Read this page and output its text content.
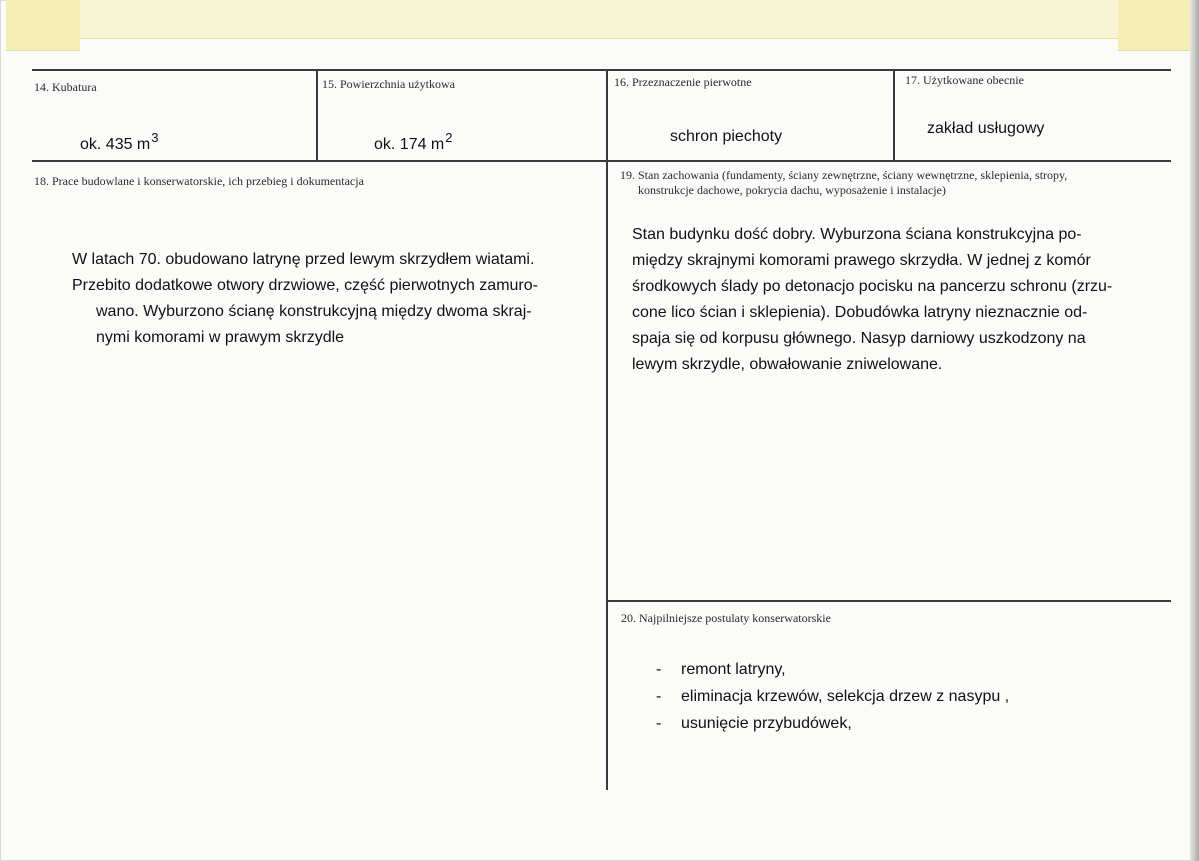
14. Kubatura
ok. 435 $m^3$
15. Powierzchnia użytkowa
ok. 174 $m^2$
16. Przeznaczenie pierwotne
schron piechoty
17. Użytkowane obecnie
zakład usługowy
18. Prace budowlane i konserwatorskie, ich przebieg i dokumentacja

W latach 70. obudowano latrynę przed lewym skrzydłem wiatami.

Przebito dodatkowe otwory drzwiowe, część pierwotnych zamuro-

wano. Wyburzono ścianę konstrukcyjną między dwoma skraj-

nymi komorami w prawym skrzydle

19. Stan zachowania (fundamenty, ściany zewnętrzne, ściany wewnętrzne, sklepienia, stropy,
konstrukcje dachowe, pokrycia dachu, wyposażenie i instalacje)

Stan budynku dość dobry. Wyburzona ściana konstrukcyjna po-

między skrajnymi komorami prawego skrzydła. W jednej z komór

środkowych ślady po detonacjo pocisku na pancerzu schronu (zrzu-

cone lico ścian i sklepienia). Dobudówka latryny nieznacznie od-

spaja się od korpusu głównego. Nasyp darniowy uszkodzony na

lewym skrzydle, obwałowanie zniwelowane.

20. Najpilniejsze postulaty konserwatorskie
- remont latryny,
- eliminacja krzewów, selekcja drzew z nasypu ,
- usunięcie przybudówek,
